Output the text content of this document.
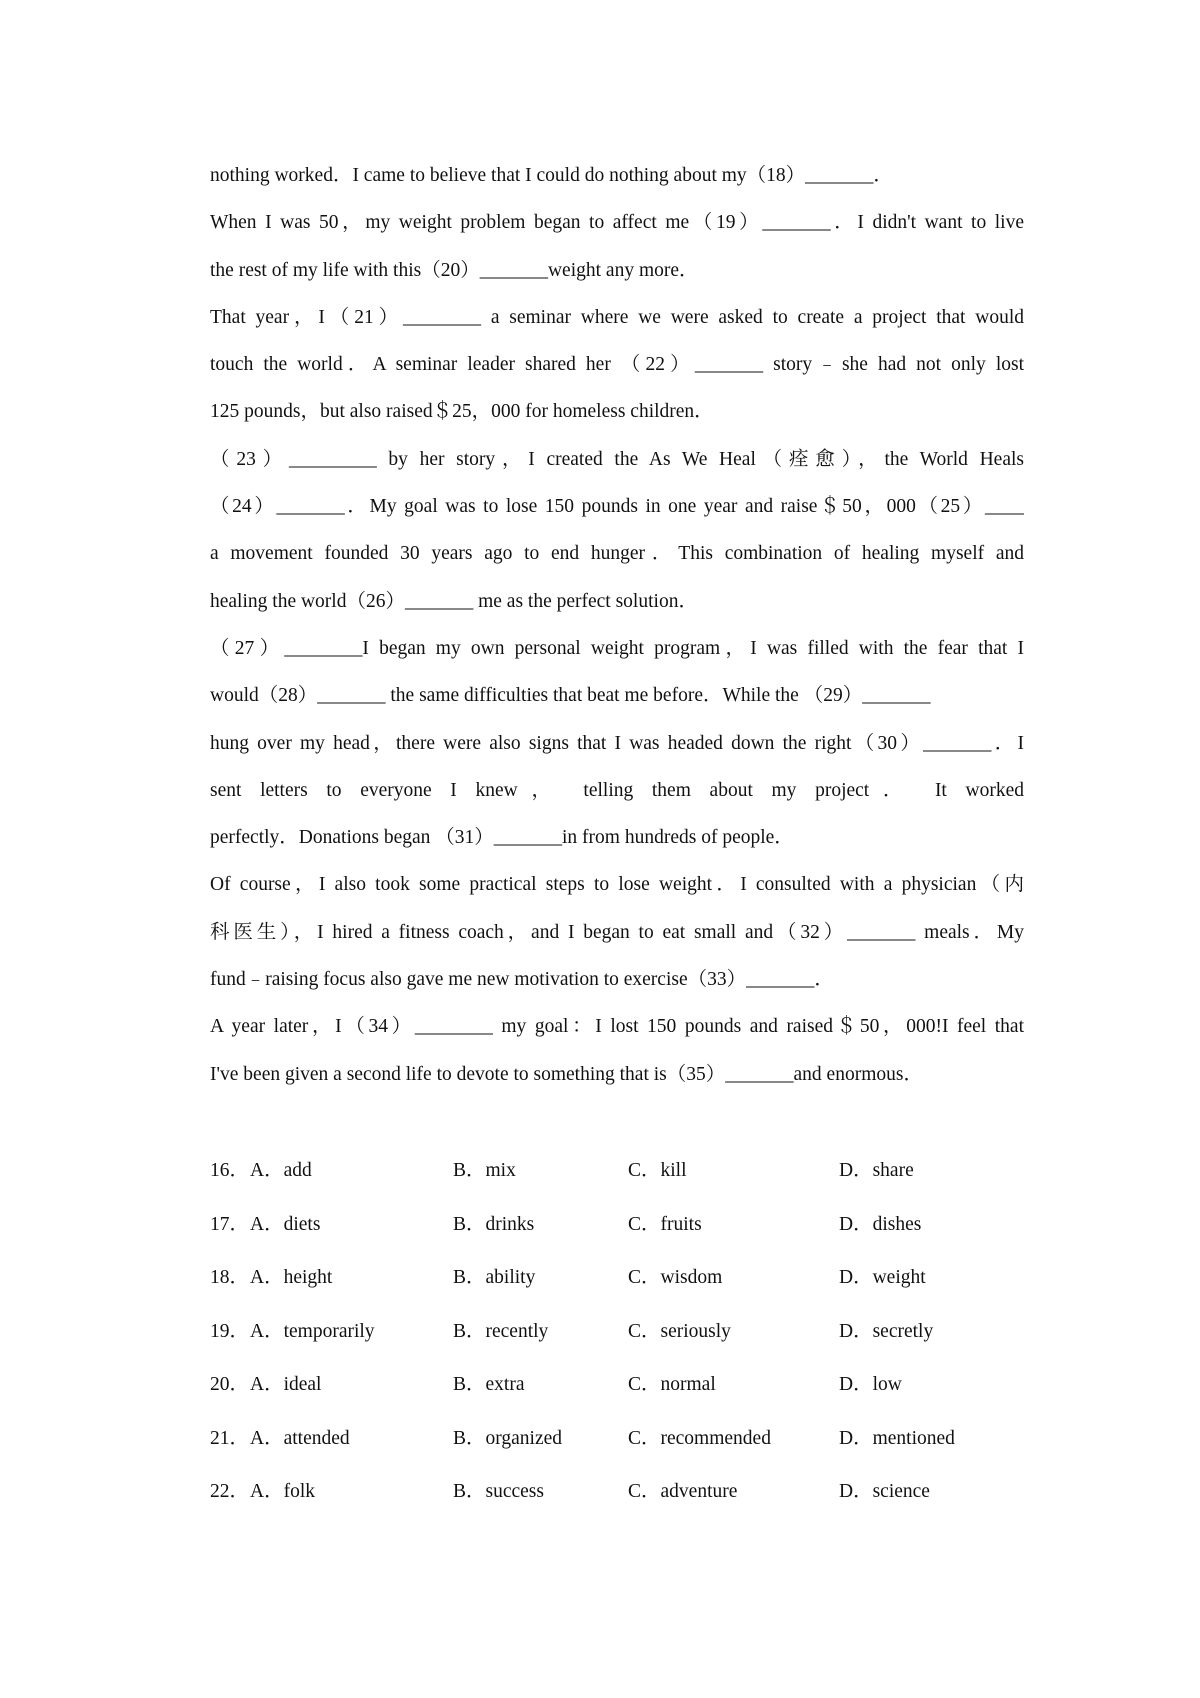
nothing worked．I came to believe that I could do nothing about my（18）_______．
When I was 50，my weight problem began to affect me（19）_______．I didn't want to live
the rest of my life with this（20）_______weight any more．
That year，I（21）________ a seminar where we were asked to create a project that would
touch the world．A seminar leader shared her （22）_______ story﹣she had not only lost
125 pounds，but also raised＄25，000 for homeless children．
（23）_________ by her story，I created the As We Heal（痊愈），the World Heals
（24）_______．My goal was to lose 150 pounds in one year and raise＄50，000（25）____
a movement founded 30 years ago to end hunger．This combination of healing myself and
healing the world（26）_______ me as the perfect solution．
（27）________I began my own personal weight program，I was filled with the fear that I
would（28）_______ the same difficulties that beat me before．While the （29）_______
hung over my head，there were also signs that I was headed down the right（30）_______．I
sent letters to everyone I knew， telling them about my project． It worked
perfectly．Donations began （31）_______in from hundreds of people．
Of course，I also took some practical steps to lose weight．I consulted with a physician（内
科医生），I hired a fitness coach，and I began to eat small and（32）_______ meals．My
fund﹣raising focus also gave me new motivation to exercise（33）_______．
A year later，I（34）________ my goal：I lost 150 pounds and raised＄50，000!I feel that
I've been given a second life to devote to something that is（35）_______and enormous．
16． A．add	B．mix	C．kill	D．share
17． A．diets	B．drinks	C．fruits	D．dishes
18． A．height	B．ability	C．wisdom	D．weight
19． A．temporarily	B．recently	C．seriously	D．secretly
20． A．ideal	B．extra	C．normal	D．low
21． A．attended	B．organized	C．recommended	D．mentioned
22． A．folk	B．success	C．adventure	D．science
